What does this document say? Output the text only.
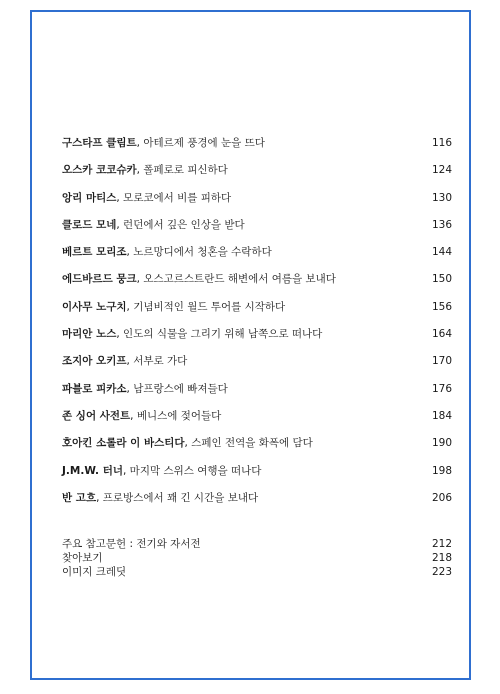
구스타프 클림트, 아테르제 풍경에 눈을 뜨다	116
오스카 코코슈카, 폴페로로 피신하다	124
앙리 마티스, 모로코에서 비를 피하다	130
클로드 모네, 런던에서 깊은 인상을 받다	136
베르트 모리조, 노르망디에서 청혼을 수락하다	144
에드바르드 뭉크, 오스고르스트란드 해변에서 여름을 보내다	150
이사무 노구치, 기념비적인 월드 투어를 시작하다	156
마리안 노스, 인도의 식물을 그리기 위해 남쪽으로 떠나다	164
조지아 오키프, 서부로 가다	170
파블로 피카소, 남프랑스에 빠져들다	176
존 싱어 사전트, 베니스에 젖어들다	184
호아킨 소롤라 이 바스티다, 스페인 전역을 화폭에 담다	190
J.M.W. 터너, 마지막 스위스 여행을 떠나다	198
반 고흐, 프로방스에서 꽤 긴 시간을 보내다	206
주요 참고문헌 : 전기와 자서전	212
찾아보기	218
이미지 크레딧	223
